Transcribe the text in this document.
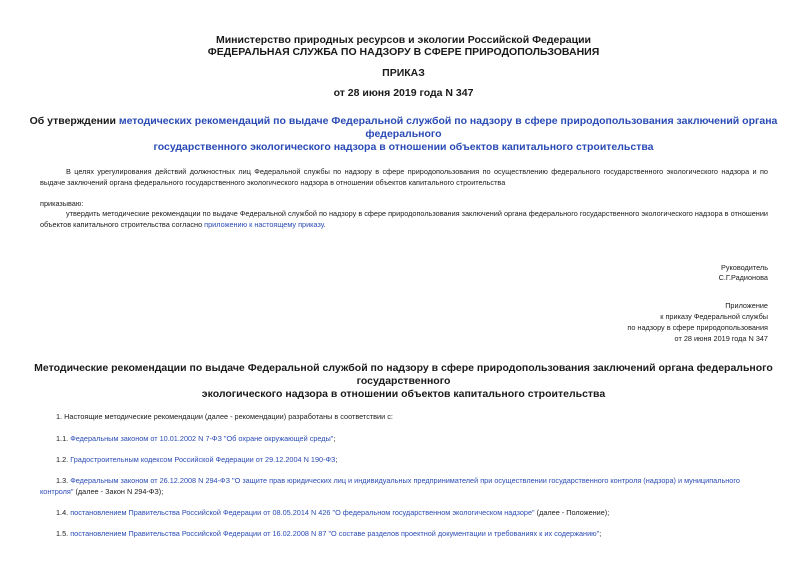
Министерство природных ресурсов и экологии Российской Федерации
ФЕДЕРАЛЬНАЯ СЛУЖБА ПО НАДЗОРУ В СФЕРЕ ПРИРОДОПОЛЬЗОВАНИЯ
ПРИКАЗ
от 28 июня 2019 года N 347
Об утверждении методических рекомендаций по выдаче Федеральной службой по надзору в сфере природопользования заключений органа федерального
государственного экологического надзора в отношении объектов капитального строительства
В целях урегулирования действий должностных лиц Федеральной службы по надзору в сфере природопользования по осуществлению федерального государственного экологического надзора и по выдаче заключений органа федерального государственного экологического надзора в отношении объектов капитального строительства
приказываю:
утвердить методические рекомендации по выдаче Федеральной службой по надзору в сфере природопользования заключений органа федерального государственного экологического надзора в отношении объектов капитального строительства согласно приложению к настоящему приказу.
Руководитель
С.Г.Радионова
Приложение
к приказу Федеральной службы
по надзору в сфере природопользования
от 28 июня 2019 года N 347
Методические рекомендации по выдаче Федеральной службой по надзору в сфере природопользования заключений органа федерального государственного
экологического надзора в отношении объектов капитального строительства
1. Настоящие методические рекомендации (далее - рекомендации) разработаны в соответствии с:
1.1. Федеральным законом от 10.01.2002 N 7-ФЗ "Об охране окружающей среды";
1.2. Градостроительным кодексом Российской Федерации от 29.12.2004 N 190-ФЗ;
1.3. Федеральным законом от 26.12.2008 N 294-ФЗ "О защите прав юридических лиц и индивидуальных предпринимателей при осуществлении государственного контроля (надзора) и муниципального контроля" (далее - Закон N 294-ФЗ);
1.4. постановлением Правительства Российской Федерации от 08.05.2014 N 426 "О федеральном государственном экологическом надзоре" (далее - Положение);
1.5. постановлением Правительства Российской Федерации от 16.02.2008 N 87 "О составе разделов проектной документации и требованиях к их содержанию";
